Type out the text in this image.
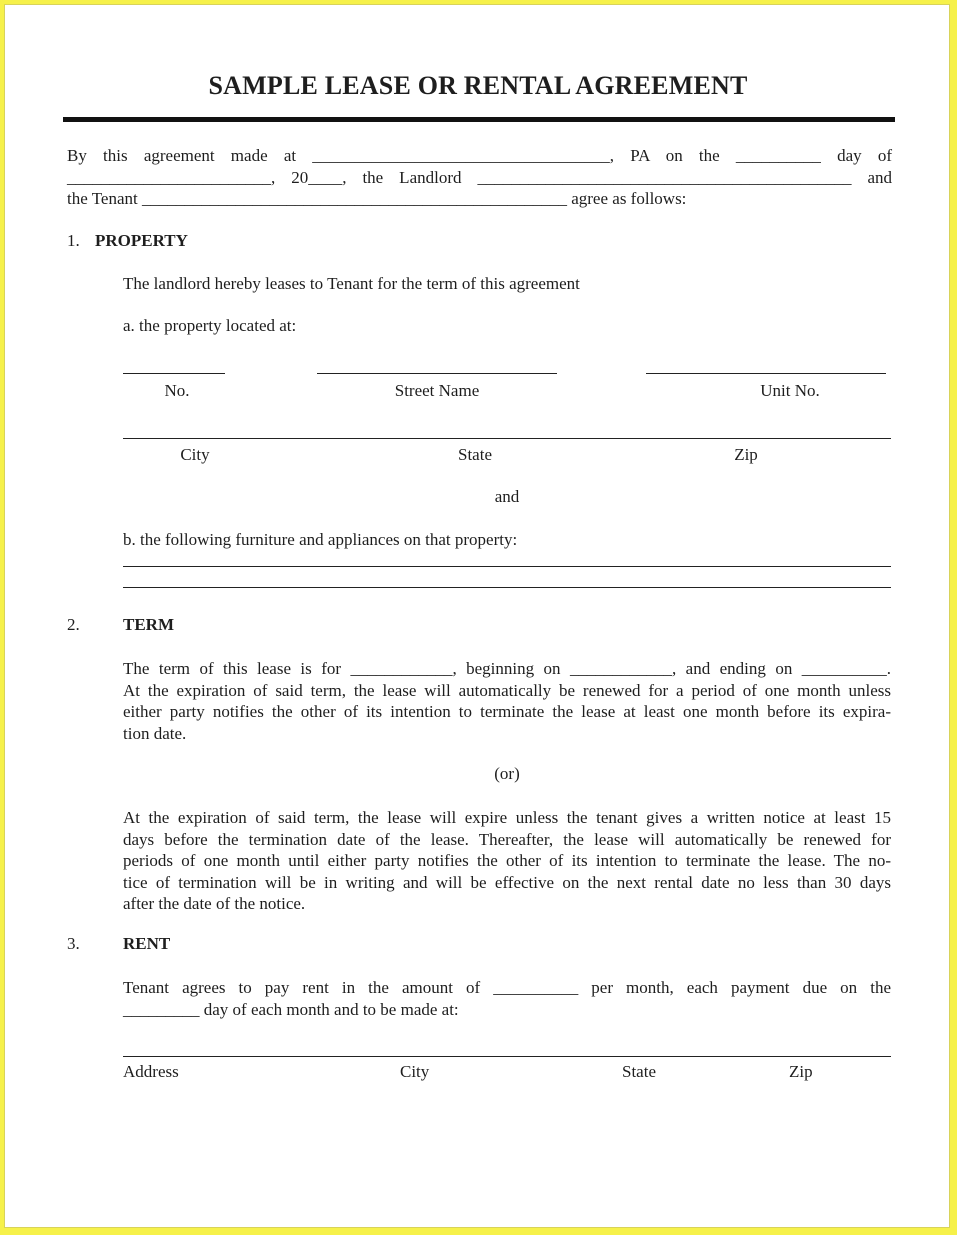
SAMPLE LEASE OR RENTAL AGREEMENT
By this agreement made at ___________________________________, PA on the __________ day of
________________________, 20____, the Landlord ____________________________________________ and
the Tenant __________________________________________________ agree as follows:
1. PROPERTY
The landlord hereby leases to Tenant for the term of this agreement
a. the property located at:
No.	Street Name	Unit No.
City	State	Zip
and
b. the following furniture and appliances on that property:
2.	TERM
The term of this lease is for ____________, beginning on ____________, and ending on __________.
At the expiration of said term, the lease will automatically be renewed for a period of one month unless
either party notifies the other of its intention to terminate the lease at least one month before its expira-
tion date.
(or)
At the expiration of said term, the lease will expire unless the tenant gives a written notice at least 15
days before the termination date of the lease. Thereafter, the lease will automatically be renewed for
periods of one month until either party notifies the other of its intention to terminate the lease. The no-
tice of termination will be in writing and will be effective on the next rental date no less than 30 days
after the date of the notice.
3.	RENT
Tenant agrees to pay rent in the amount of __________ per month, each payment due on the
_________ day of each month and to be made at:
Address	City	State	Zip
